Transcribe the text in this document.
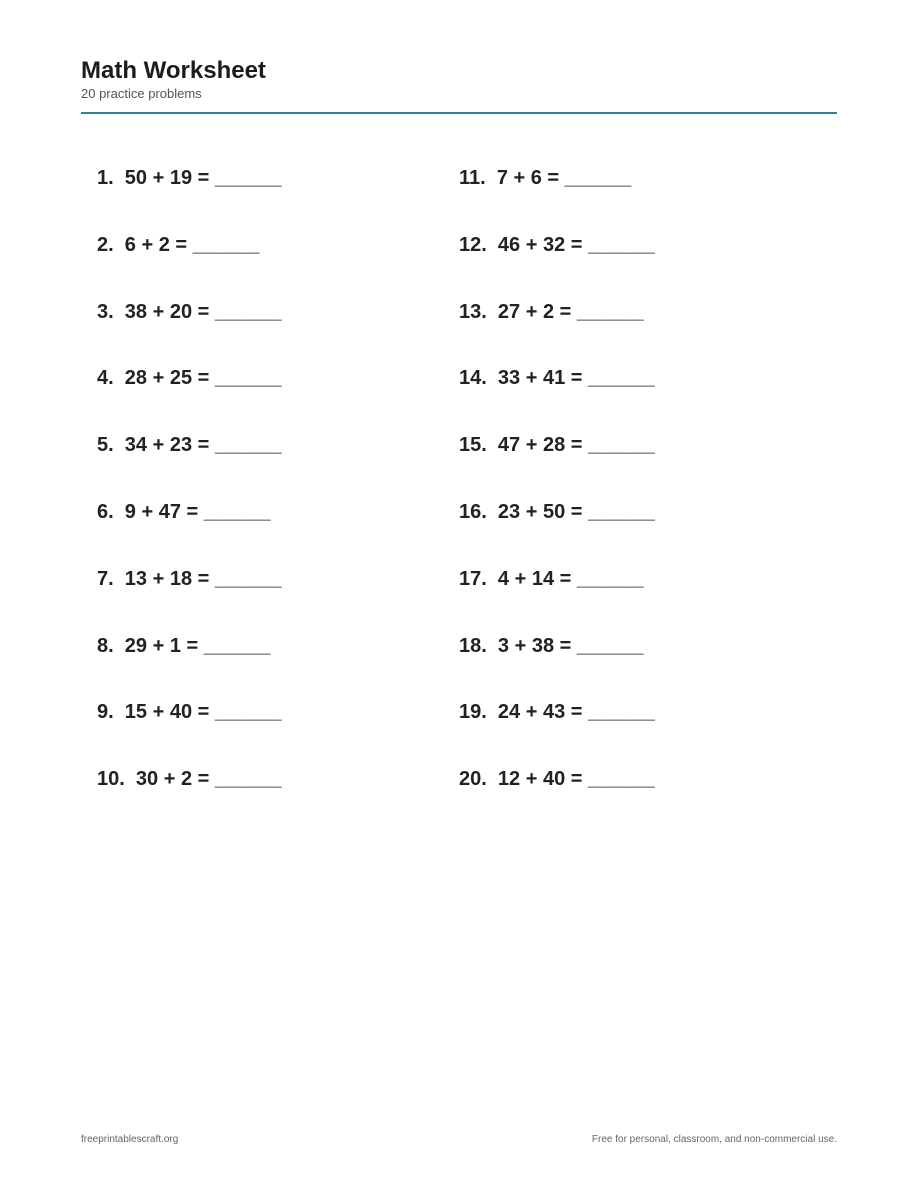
Math Worksheet
20 practice problems
1.  50 + 19 = ______
2.  6 + 2 = ______
3.  38 + 20 = ______
4.  28 + 25 = ______
5.  34 + 23 = ______
6.  9 + 47 = ______
7.  13 + 18 = ______
8.  29 + 1 = ______
9.  15 + 40 = ______
10.  30 + 2 = ______
11.  7 + 6 = ______
12.  46 + 32 = ______
13.  27 + 2 = ______
14.  33 + 41 = ______
15.  47 + 28 = ______
16.  23 + 50 = ______
17.  4 + 14 = ______
18.  3 + 38 = ______
19.  24 + 43 = ______
20.  12 + 40 = ______
freeprintablescraft.org	Free for personal, classroom, and non-commercial use.
